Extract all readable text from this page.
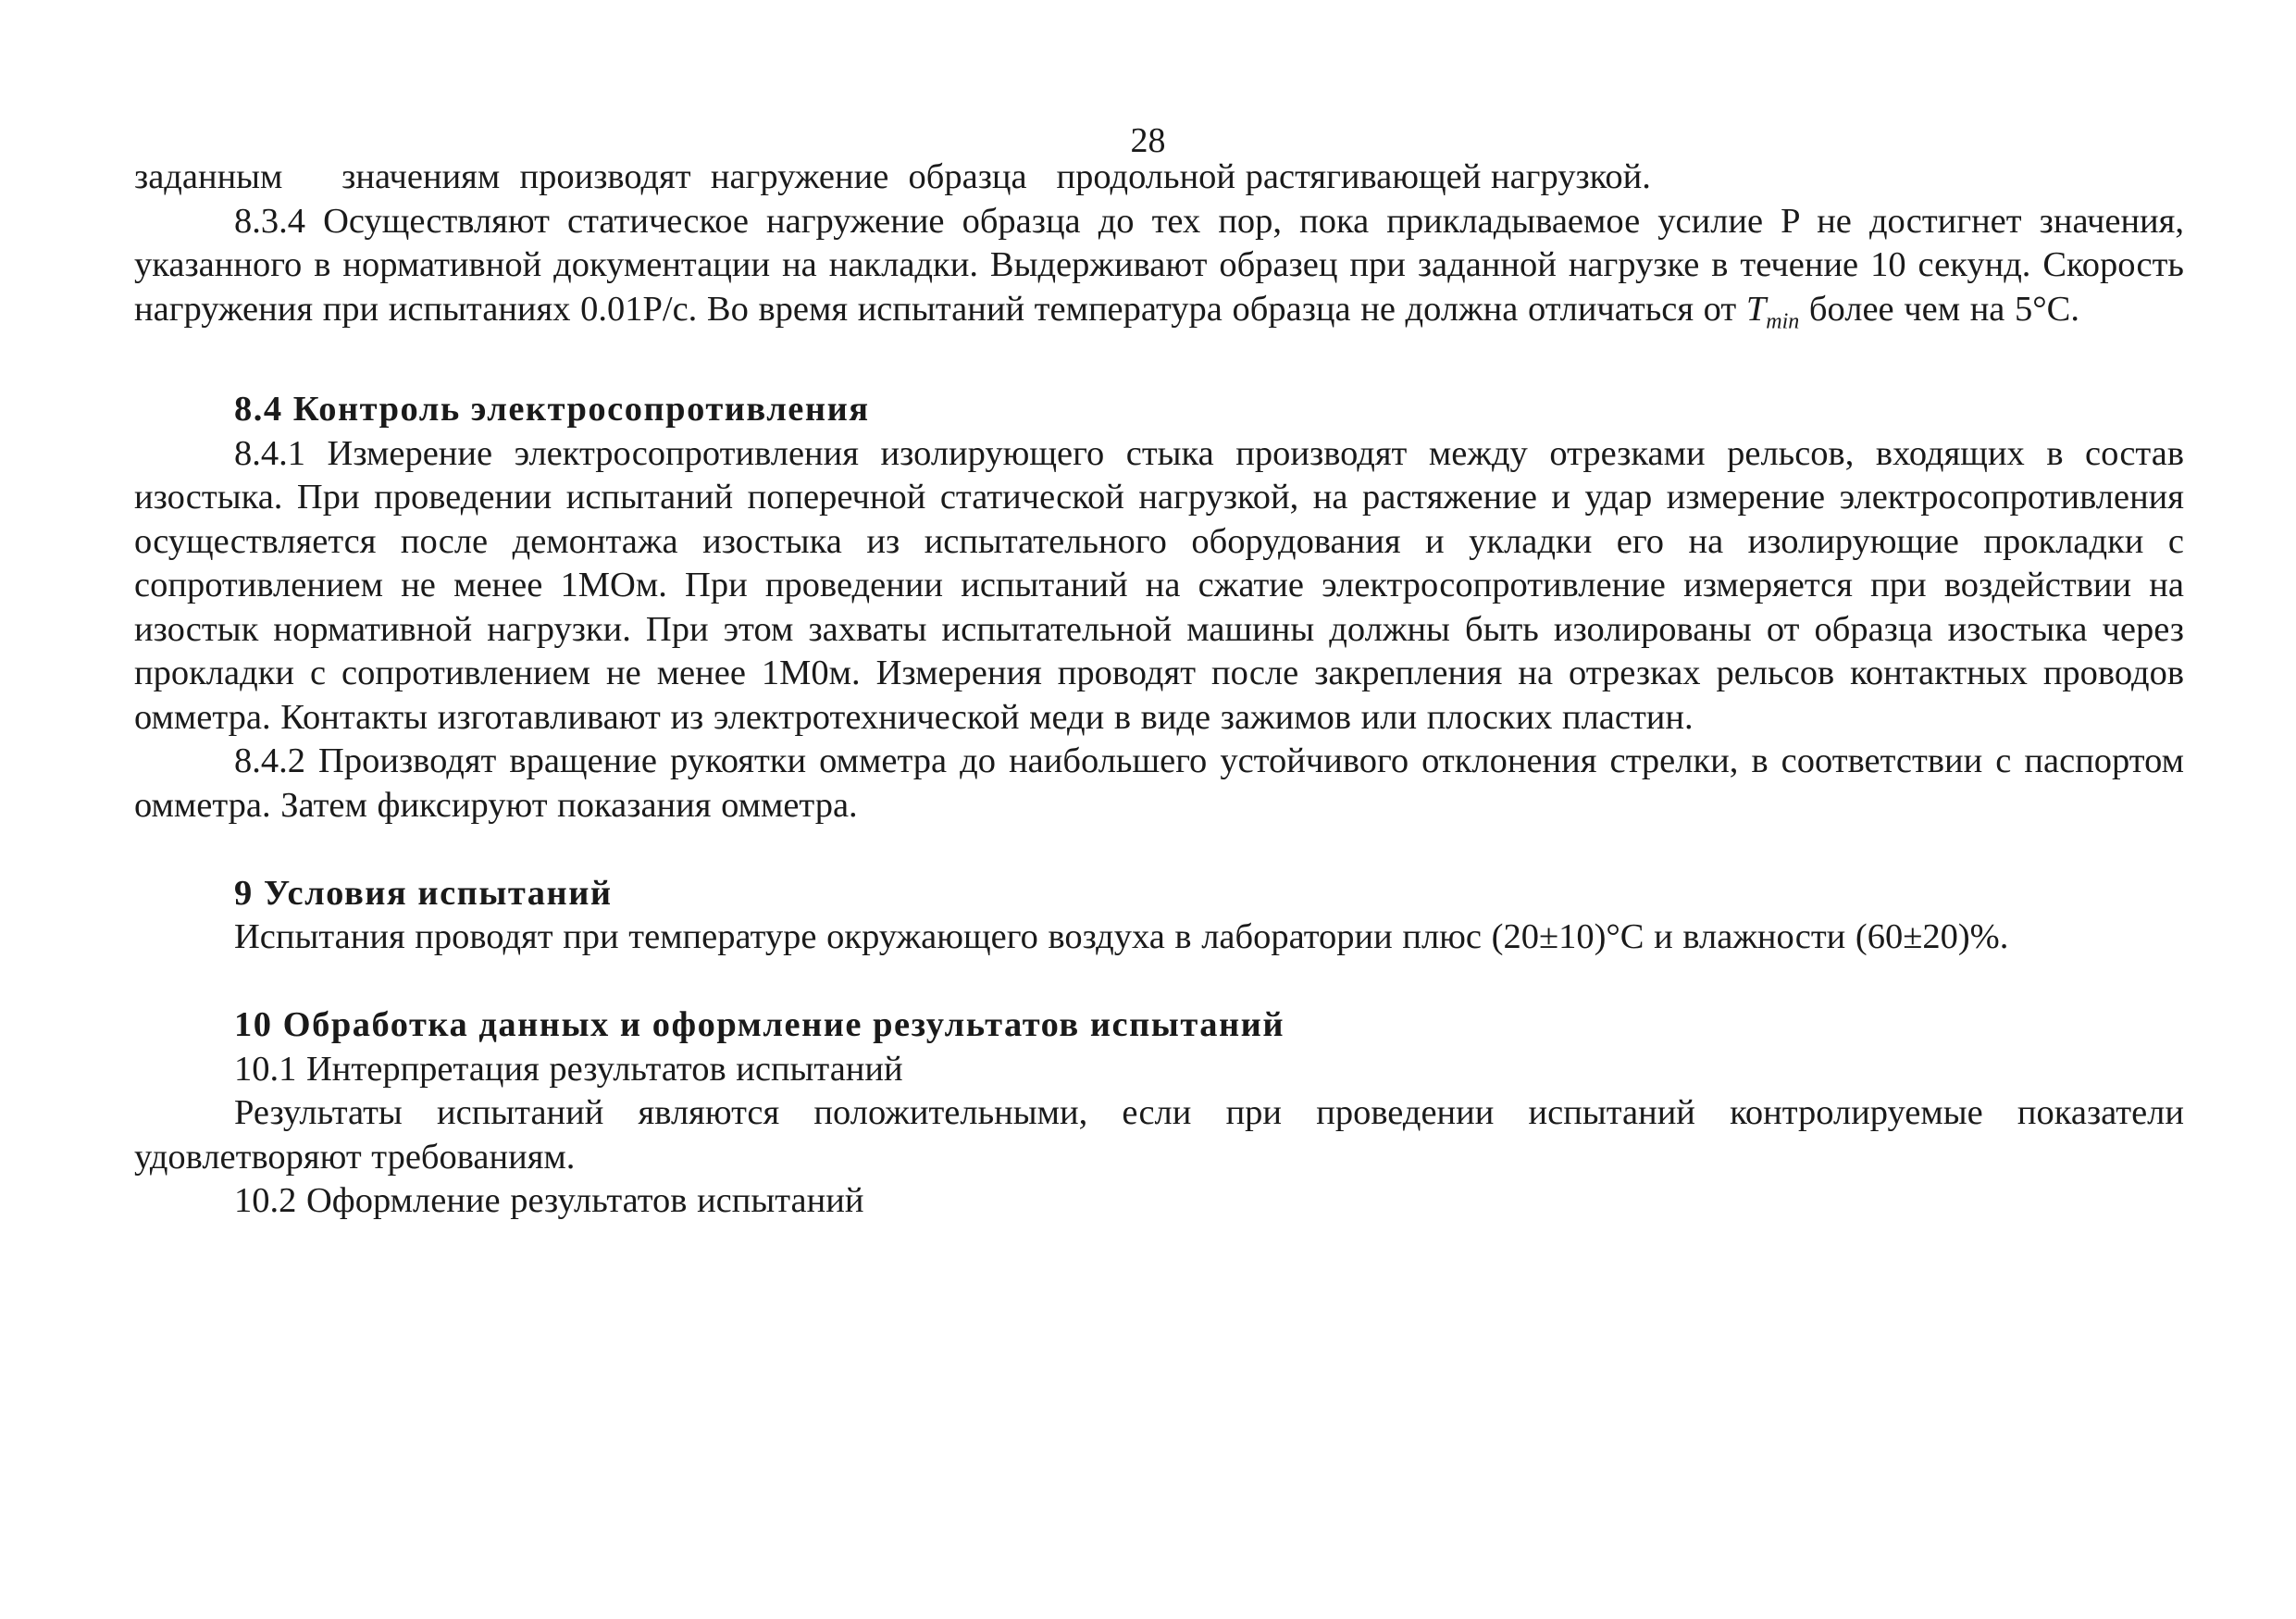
28

заданным      значениям  производят  нагружение  образца   продольной растягивающей нагрузкой.

8.3.4 Осуществляют статическое нагружение образца до тех пор, пока прикладываемое усилие P не достигнет значения, указанного в нормативной документации на накладки. Выдерживают образец при заданной нагрузке в течение 10 секунд. Скорость нагружения при испытаниях 0.01P/c. Во время испытаний температура образца не должна отличаться от $T_{min}$ более чем на 5°С.

8.4 Контроль электросопротивления

8.4.1 Измерение электросопротивления изолирующего стыка производят между отрезками рельсов, входящих в состав изостыка. При проведении испытаний поперечной статической нагрузкой, на растяжение и удар измерение электросопротивления осуществляется после демонтажа изостыка из испытательного оборудования и укладки его на изолирующие прокладки с сопротивлением не менее 1МОм. При проведении испытаний на сжатие электросопротивление измеряется при воздействии на изостык нормативной нагрузки. При этом захваты испытательной машины должны быть изолированы от образца изостыка через прокладки с сопротивлением не менее 1М0м. Измерения проводят после закрепления на отрезках рельсов контактных проводов омметра. Контакты изготавливают из электротехнической меди в виде зажимов или плоских пластин.

8.4.2 Производят вращение рукоятки омметра до наибольшего устойчивого отклонения стрелки, в соответствии с паспортом омметра. Затем фиксируют показания омметра.

9 Условия испытаний

Испытания проводят при температуре окружающего воздуха в лаборатории плюс (20±10)°С и влажности (60±20)%.

10 Обработка данных и оформление результатов испытаний

10.1 Интерпретация результатов испытаний

Результаты испытаний являются положительными, если при проведении испытаний контролируемые показатели удовлетворяют требованиям.

10.2 Оформление результатов испытаний
